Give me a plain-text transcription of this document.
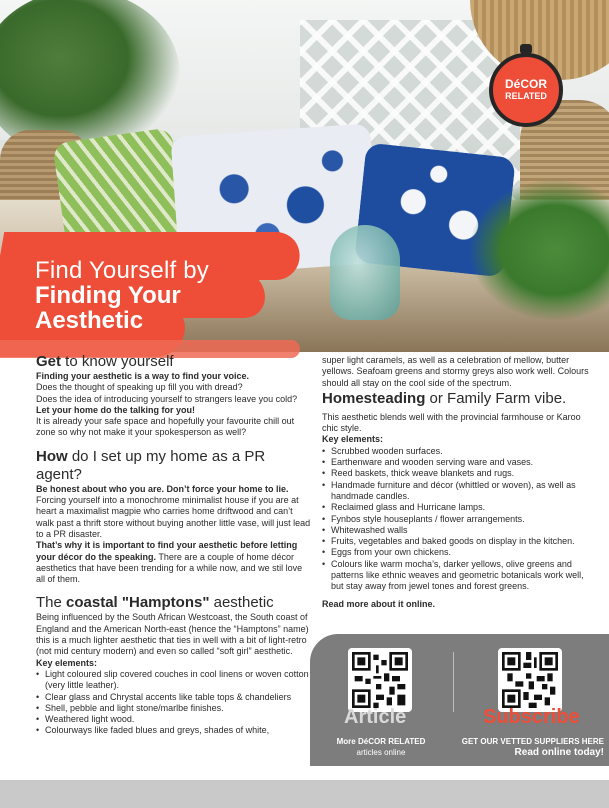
Find Yourself by
Finding Your
Aesthetic
DéCOR
RELATED
Get to know yourself

Finding your aesthetic is a way to find your voice.

Does the thought of speaking up fill you with dread?

Does the idea of introducing yourself to strangers leave you cold?

Let your home do the talking for you!

It is already your safe space and hopefully your favourite chill out zone so why not make it your spokesperson as well?

How do I set up my home as a PR agent?

Be honest about who you are. Don’t force your home to lie.

Forcing yourself into a monochrome minimalist house if you are at heart a maximalist magpie who carries home driftwood and can’t walk past a thrift store without buying another little vase, will just lead to a PR disaster.

That’s why it is important to find your aesthetic before letting your décor do the speaking. There are a couple of home décor aesthetics that have been trending for a while now, and we stil love all of them.

The coastal "Hamptons" aesthetic

Being influenced by the South African Westcoast, the South coast of England and the American North-east (hence the “Hamptons” name) this is a much lighter aesthetic that ties in well with a bit of light-retro (not mid century modern) and even so called “soft girl” aesthetic.

Key elements:

• Light coloured slip covered couches in cool linens or woven cotton (very little leather).
• Clear glass and Chrystal accents like table tops & chandeliers
• Shell, pebble and light stone/marlbe finishes.
• Weathered light wood.
• Colourways like faded blues and greys, shades of white,

super light caramels, as well as a celebration of mellow, butter yellows. Seafoam greens and stormy greys also work well. Colours should all stay on the cool side of the spectrum.

Homesteading or Family Farm vibe.

This aesthetic blends well with the provincial farmhouse or Karoo chic style.

Key elements:

• Scrubbed wooden surfaces.
• Earthenware and wooden serving ware and vases.
• Reed baskets, thick weave blankets and rugs.
• Handmade furniture and décor (whittled or woven), as well as handmade candles.
• Reclaimed glass and Hurricane lamps.
• Fynbos style houseplants / flower arrangements.
• Whitewashed walls
• Fruits, vegetables and baked goods on display in the kitchen.
• Eggs from your own chickens.
• Colours like warm mocha’s, darker yellows, olive greens and patterns like ethnic weaves and geometric botanicals work well, but stay away from jewel tones and forest greens.

Read more about it online.

Article	Subscribe
More DéCOR RELATED
articles online
GET OUR VETTED SUPPLIERS HERE
Read online today!
